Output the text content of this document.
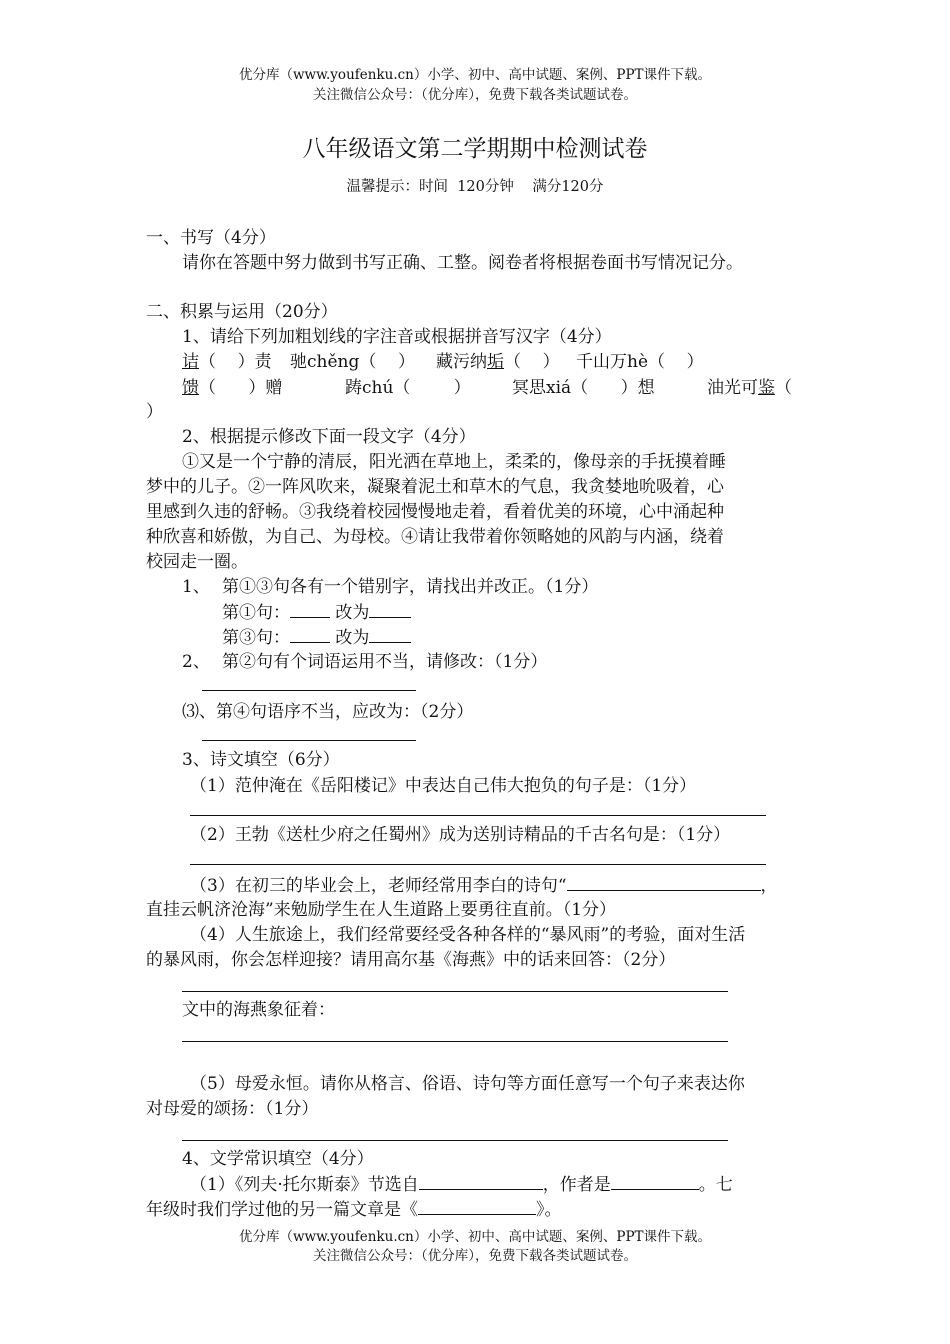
优分库（www.youfenku.cn）小学、初中、高中试题、案例、PPT课件下载。
关注微信公众号：（优分库），免费下载各类试题试卷。
八年级语文第二学期期中检测试卷
温馨提示：时间  120分钟    满分120分
一、书写（4分）
请你在答题中努力做到书写正确、工整。阅卷者将根据卷面书写情况记分。
二、积累与运用（20分）
1、请给下列加粗划线的字注音或根据拼音写汉字（4分）
诘（    ）责 驰chěng（    ） 藏污纳垢（    ） 千山万hè（    ）
馈（      ）赠	踌chú（        ） 冥思xiá（      ）想	油光可鉴（
）
2、根据提示修改下面一段文字（4分）
①又是一个宁静的清辰，阳光洒在草地上，柔柔的，像母亲的手抚摸着睡
梦中的儿子。②一阵风吹来，凝聚着泥土和草木的气息，我贪婪地吮吸着，心
里感到久违的舒畅。③我绕着校园慢慢地走着，看着优美的环境，心中涌起种
种欣喜和娇傲，为自己、为母校。④请让我带着你领略她的风韵与内涵，绕着
校园走一圈。
1、 第①③句各有一个错别字，请找出并改正。（1分）
第①句：	改为
第③句：	改为
2、 第②句有个词语运用不当，请修改：（1分）
⑶、第④句语序不当，应改为：（2分）
3、诗文填空（6分）
（1）范仲淹在《岳阳楼记》中表达自己伟大抱负的句子是：（1分）
（2）王勃《送杜少府之任蜀州》成为送别诗精品的千古名句是：（1分）
（3）在初三的毕业会上，老师经常用李白的诗句“	，
直挂云帆济沧海”来勉励学生在人生道路上要勇往直前。（1分）
（4）人生旅途上，我们经常要经受各种各样的“暴风雨”的考验，面对生活
的暴风雨，你会怎样迎接？请用高尔基《海燕》中的话来回答：（2分）
文中的海燕象征着：
（5）母爱永恒。请你从格言、俗语、诗句等方面任意写一个句子来表达你
对母爱的颂扬：（1分）
4、文学常识填空（4分）
（1）《列夫·托尔斯泰》节选自	，作者是	。七
年级时我们学过他的另一篇文章是《	》。
优分库（www.youfenku.cn）小学、初中、高中试题、案例、PPT课件下载。
关注微信公众号：（优分库），免费下载各类试题试卷。
